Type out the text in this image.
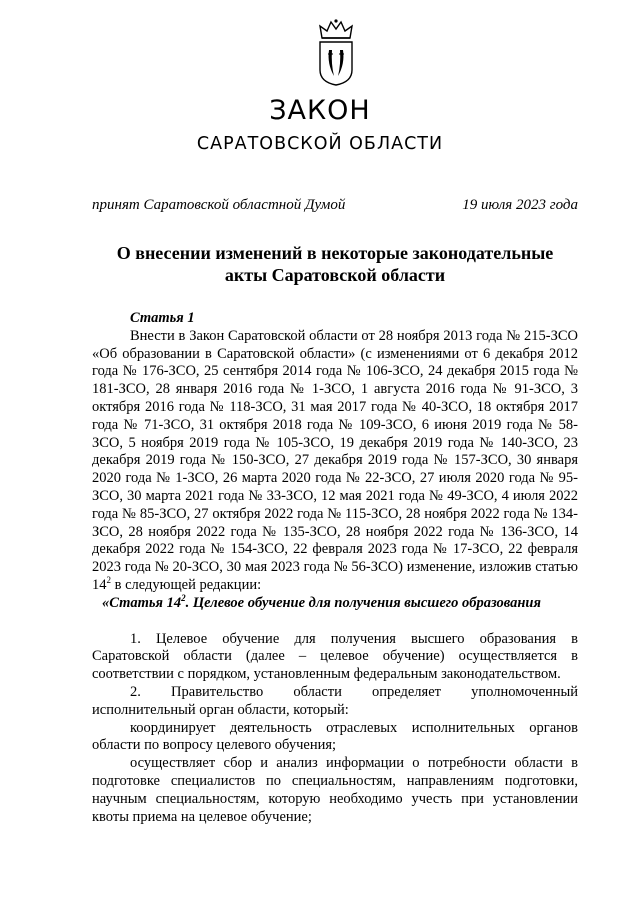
ЗАКОН
САРАТОВСКОЙ ОБЛАСТИ
принят Саратовской областной Думой	19 июля 2023 года
О внесении изменений в некоторые законодательные
акты Саратовской области
Статья 1

Внести в Закон Саратовской области от 28 ноября 2013 года № 215-ЗСО «Об образовании в Саратовской области» (с изменениями от 6 декабря 2012 года № 176-ЗСО, 25 сентября 2014 года № 106-ЗСО, 24 декабря 2015 года № 181-ЗСО, 28 января 2016 года № 1-ЗСО, 1 августа 2016 года № 91-ЗСО, 3 октября 2016 года № 118-ЗСО, 31 мая 2017 года № 40-ЗСО, 18 октября 2017 года № 71-ЗСО, 31 октября 2018 года № 109-ЗСО, 6 июня 2019 года № 58-ЗСО, 5 ноября 2019 года № 105-ЗСО, 19 декабря 2019 года № 140-ЗСО, 23 декабря 2019 года № 150-ЗСО, 27 декабря 2019 года № 157-ЗСО, 30 января 2020 года № 1-ЗСО, 26 марта 2020 года № 22-ЗСО, 27 июля 2020 года № 95-ЗСО, 30 марта 2021 года № 33-ЗСО, 12 мая 2021 года № 49-ЗСО, 4 июля 2022 года № 85-ЗСО, 27 октября 2022 года № 115-ЗСО, 28 ноября 2022 года № 134-ЗСО, 28 ноября 2022 года № 135-ЗСО, 28 ноября 2022 года № 136-ЗСО, 14 декабря 2022 года № 154-ЗСО, 22 февраля 2023 года № 17-ЗСО, 22 февраля 2023 года № 20-ЗСО, 30 мая 2023 года № 56-ЗСО) изменение, изложив статью $14^2$ в следующей редакции:

«Статья $14^2$. Целевое обучение для получения высшего образования

1. Целевое обучение для получения высшего образования в Саратовской области (далее – целевое обучение) осуществляется в соответствии с порядком, установленным федеральным законодательством.

2. Правительство области определяет уполномоченный исполнительный орган области, который:

координирует деятельность отраслевых исполнительных органов области по вопросу целевого обучения;

осуществляет сбор и анализ информации о потребности области в подготовке специалистов по специальностям, направлениям подготовки, научным специальностям, которую необходимо учесть при установлении квоты приема на целевое обучение;
